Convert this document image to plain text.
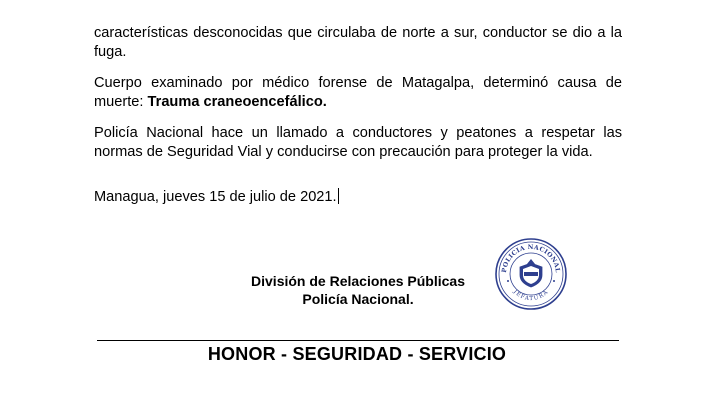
características desconocidas que circulaba de norte a sur, conductor se dio a la fuga.

Cuerpo examinado por médico forense de Matagalpa, determinó causa de muerte: Trauma craneoencefálico.

Policía Nacional hace un llamado a conductores y peatones a respetar las normas de Seguridad Vial y conducirse con precaución para proteger la vida.

Managua, jueves 15 de julio de 2021.

División de Relaciones Públicas
Policía Nacional.
POLICIA NACIONAL
JEFATURA
HONOR - SEGURIDAD - SERVICIO
